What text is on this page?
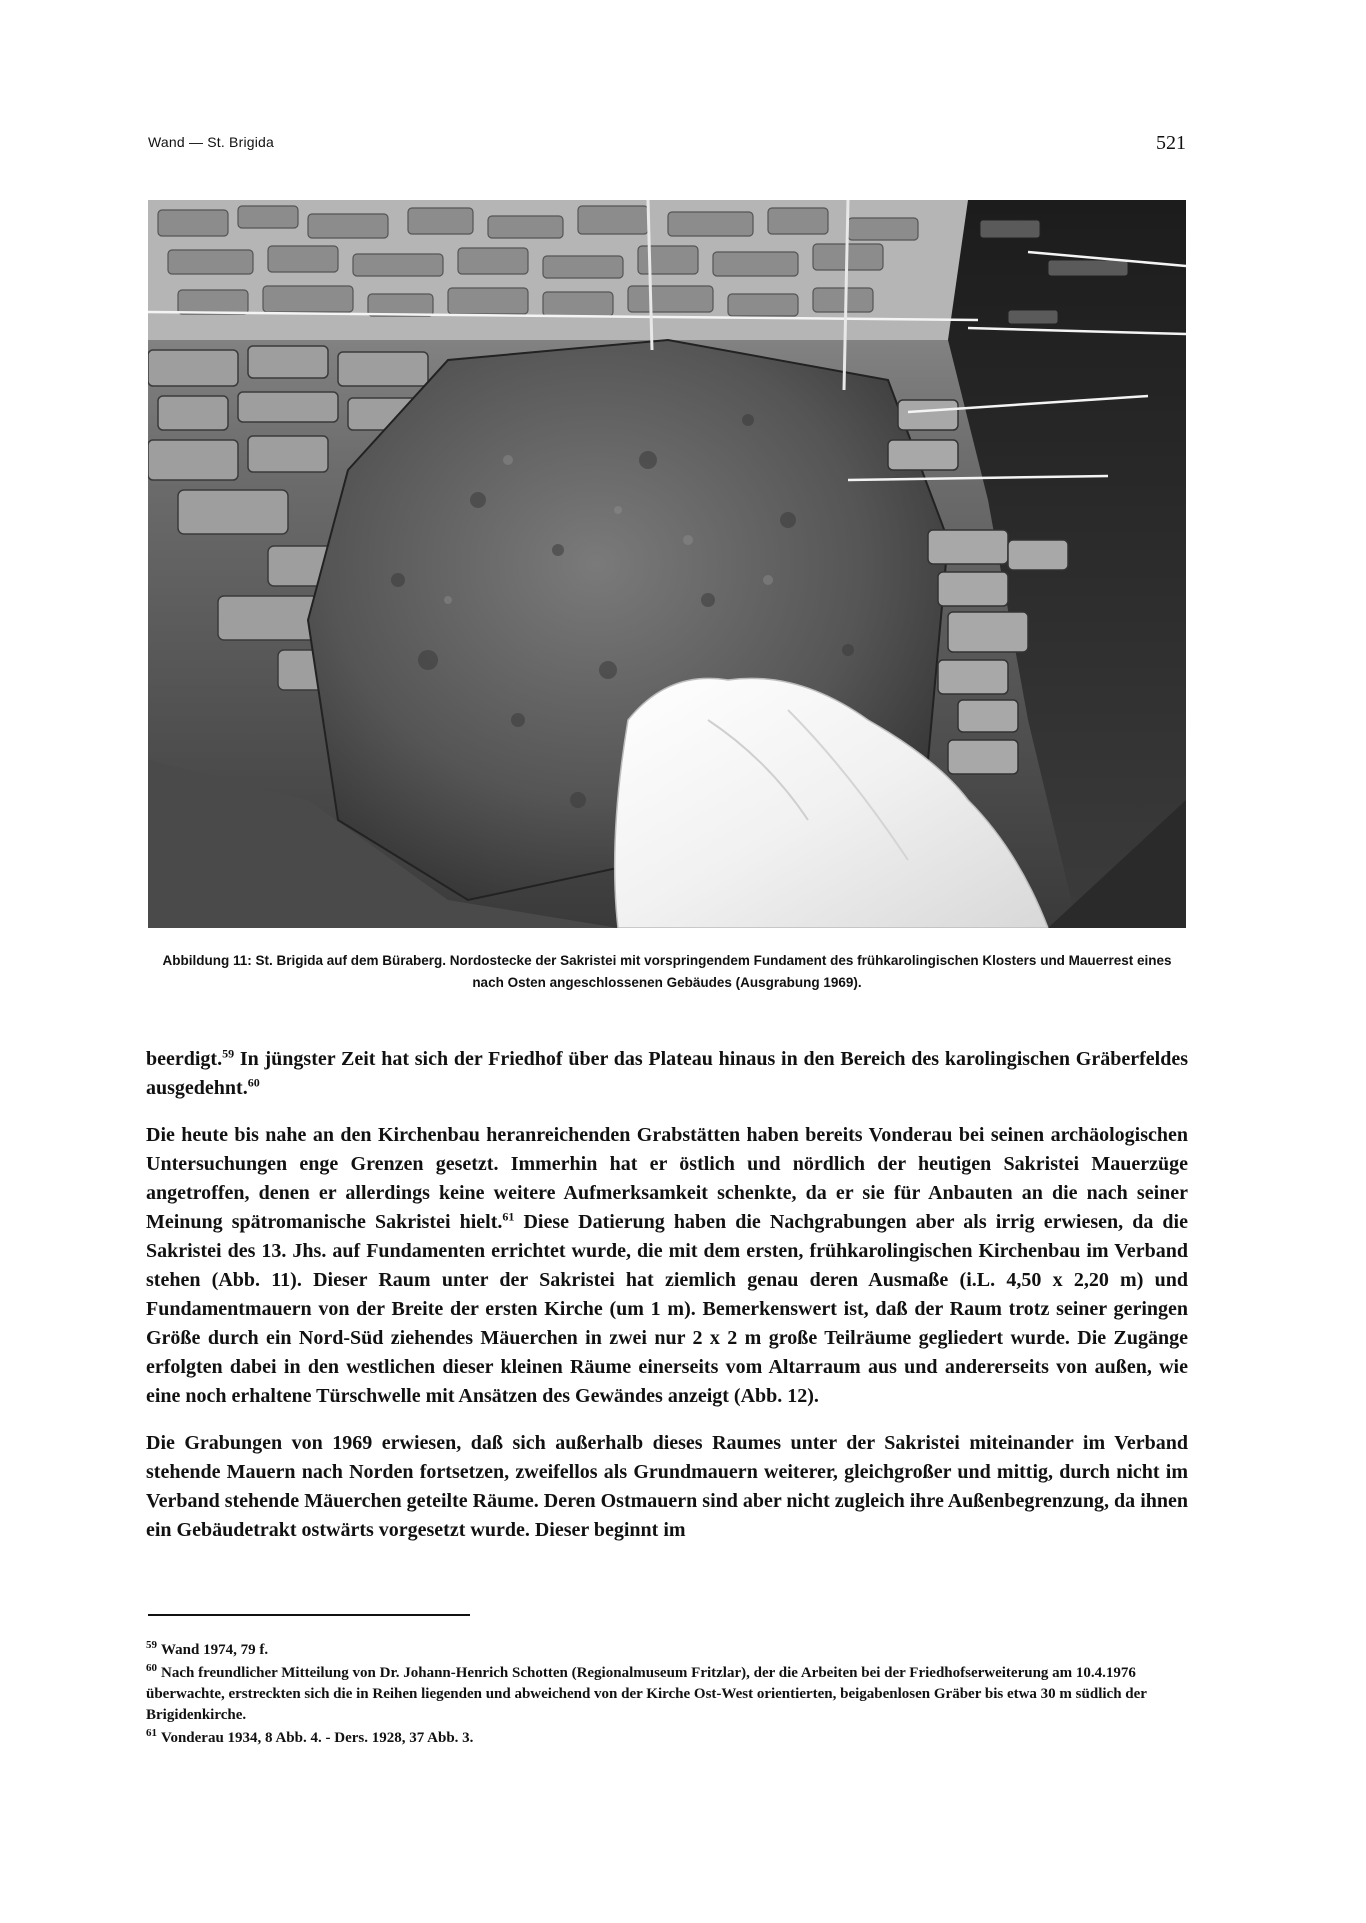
Wand — St. Brigida	521
Abbildung 11: St. Brigida auf dem Büraberg. Nordostecke der Sakristei mit vorspringendem Fundament des frühkarolingischen Klosters und Mauerrest eines nach Osten angeschlossenen Gebäudes (Ausgrabung 1969).

beerdigt.$^{59}$ In jüngster Zeit hat sich der Friedhof über das Plateau hinaus in den Bereich des karolingischen Gräberfeldes ausgedehnt.$^{60}$

Die heute bis nahe an den Kirchenbau heranreichenden Grabstätten haben bereits Vonderau bei seinen archäologischen Untersuchungen enge Grenzen gesetzt. Immerhin hat er östlich und nördlich der heutigen Sakristei Mauerzüge angetroffen, denen er allerdings keine weitere Aufmerksamkeit schenkte, da er sie für Anbauten an die nach seiner Meinung spätromanische Sakristei hielt.$^{61}$ Diese Datierung haben die Nachgrabungen aber als irrig erwiesen, da die Sakristei des 13. Jhs. auf Fundamenten errichtet wurde, die mit dem ersten, frühkarolingischen Kirchenbau im Verband stehen (Abb. 11). Dieser Raum unter der Sakristei hat ziemlich genau deren Ausmaße (i.L. 4,50 x 2,20 m) und Fundamentmauern von der Breite der ersten Kirche (um 1 m). Bemerkenswert ist, daß der Raum trotz seiner geringen Größe durch ein Nord-Süd ziehendes Mäuerchen in zwei nur 2 x 2 m große Teilräume gegliedert wurde. Die Zugänge erfolgten dabei in den westlichen dieser kleinen Räume einerseits vom Altarraum aus und andererseits von außen, wie eine noch erhaltene Türschwelle mit Ansätzen des Gewändes anzeigt (Abb. 12).

Die Grabungen von 1969 erwiesen, daß sich außerhalb dieses Raumes unter der Sakristei miteinander im Verband stehende Mauern nach Norden fortsetzen, zweifellos als Grundmauern weiterer, gleichgroßer und mittig, durch nicht im Verband stehende Mäuerchen geteilte Räume. Deren Ostmauern sind aber nicht zugleich ihre Außenbegrenzung, da ihnen ein Gebäudetrakt ostwärts vorgesetzt wurde. Dieser beginnt im

$^{59}$ Wand 1974, 79 f.
$^{60}$ Nach freundlicher Mitteilung von Dr. Johann-Henrich Schotten (Regionalmuseum Fritzlar), der die Arbeiten bei der Friedhofserweiterung am 10.4.1976 überwachte, erstreckten sich die in Reihen liegenden und abweichend von der Kirche Ost-West orientierten, beigabenlosen Gräber bis etwa 30 m südlich der Brigidenkirche.
$^{61}$ Vonderau 1934, 8 Abb. 4. - Ders. 1928, 37 Abb. 3.
